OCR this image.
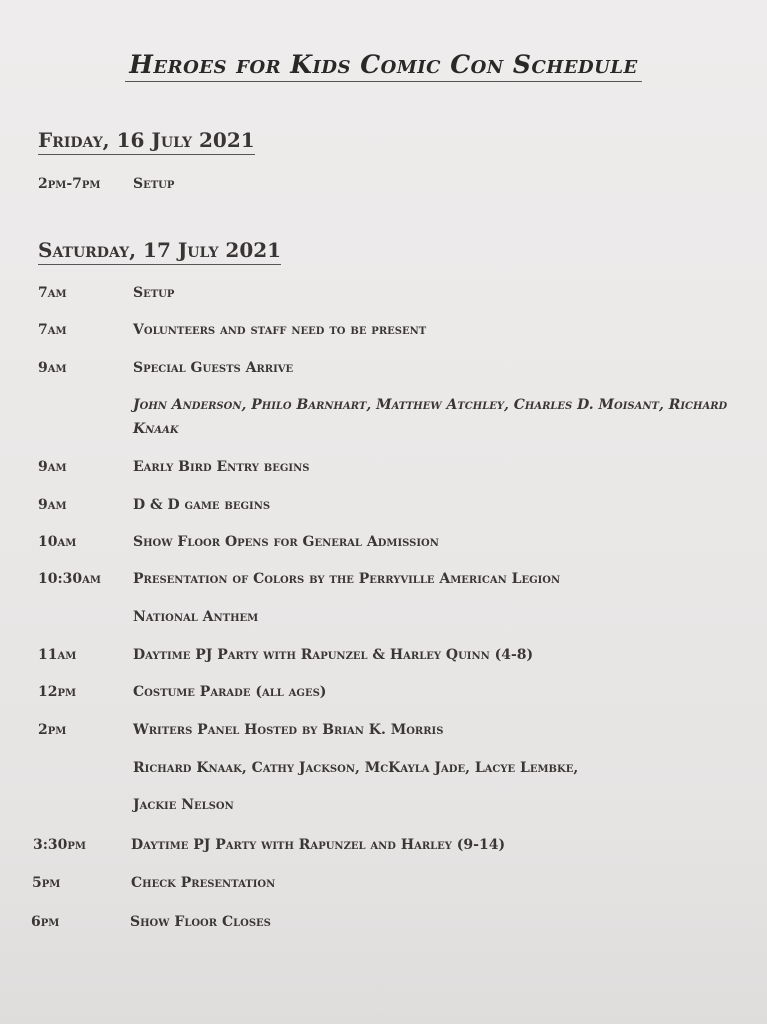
Heroes for Kids Comic Con Schedule
Friday, 16 July 2021
2pm-7pm Setup
Saturday, 17 July 2021
7am	Setup
7am	Volunteers and staff need to be present
9am	Special Guests Arrive
John Anderson, Philo Barnhart, Matthew Atchley, Charles D. Moisant, Richard Knaak
9am	Early Bird Entry begins
9am	D & D game begins
10am	Show Floor Opens for General Admission
10:30am Presentation of Colors by the Perryville American Legion
National Anthem
11am	Daytime PJ Party with Rapunzel & Harley Quinn (4-8)
12pm	Costume Parade (all ages)
2pm	Writers Panel Hosted by Brian K. Morris
Richard Knaak, Cathy Jackson, McKayla Jade, Lacye Lembke,
Jackie Nelson
3:30pm	Daytime PJ Party with Rapunzel and Harley (9-14)
5pm	Check Presentation
6pm	Show Floor Closes
